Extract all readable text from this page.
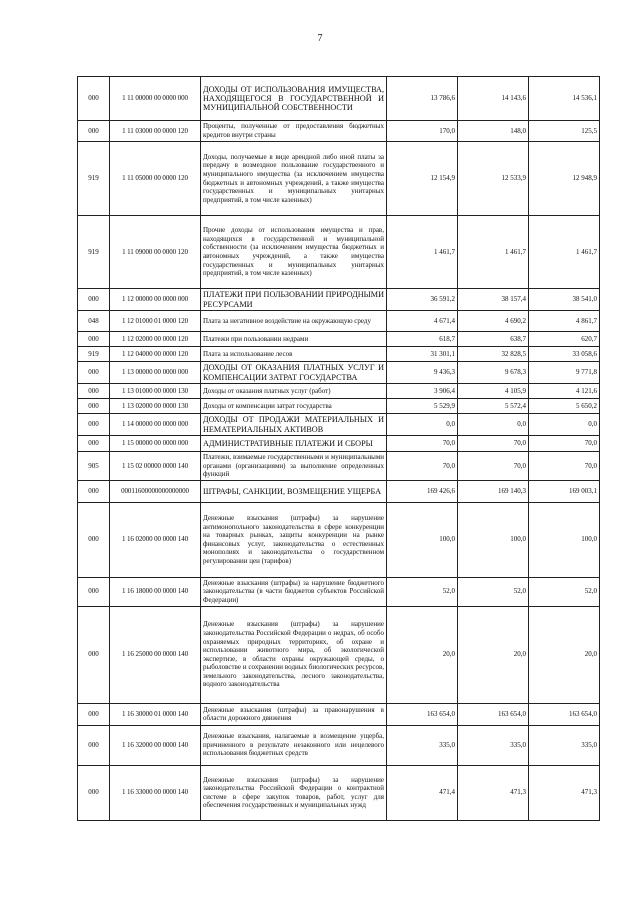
7
000	1 11 00000 00 0000 000	ДОХОДЫ ОТ ИСПОЛЬЗОВАНИЯ ИМУЩЕСТВА, НАХОДЯЩЕГОСЯ В ГОСУДАРСТВЕННОЙ И МУНИЦИПАЛЬНОЙ СОБСТВЕННОСТИ	13 786,6	14 143,6	14 536,1
000	1 11 03000 00 0000 120	Проценты, полученные от предоставления бюджетных кредитов внутри страны	170,0	148,0	125,5
919	1 11 05000 00 0000 120	Доходы, получаемые в виде арендной либо иной платы за передачу в возмездное пользование государственного и муниципального имущества (за исключением имущества бюджетных и автономных учреждений, а также имущества государственных и муниципальных унитарных предприятий, в том числе казенных)	12 154,9	12 533,9	12 948,9
919	1 11 09000 00 0000 120	Прочие доходы от использования имущества и прав, находящихся в государственной и муниципальной собственности (за исключением имущества бюджетных и автономных учреждений, а также имущества государственных и муниципальных унитарных предприятий, в том числе казенных)	1 461,7	1 461,7	1 461,7
000	1 12 00000 00 0000 000	ПЛАТЕЖИ ПРИ ПОЛЬЗОВАНИИ ПРИРОДНЫМИ РЕСУРСАМИ	36 591,2	38 157,4	38 541,0
048	1 12 01000 01 0000 120	Плата за негативное воздействие на окружающую среду	4 671,4	4 690,2	4 861,7
000	1 12 02000 00 0000 120	Платежи при пользовании недрами	618,7	638,7	620,7
919	1 12 04000 00 0000 120	Плата за использование лесов	31 301,1	32 828,5	33 058,6
000	1 13 00000 00 0000 000	ДОХОДЫ ОТ ОКАЗАНИЯ ПЛАТНЫХ УСЛУГ И КОМПЕНСАЦИИ ЗАТРАТ ГОСУДАРСТВА	9 436,3	9 678,3	9 771,8
000	1 13 01000 00 0000 130	Доходы от оказания платных услуг (работ)	3 906,4	4 105,9	4 121,6
000	1 13 02000 00 0000 130	Доходы от компенсации затрат государства	5 529,9	5 572,4	5 650,2
000	1 14 00000 00 0000 000	ДОХОДЫ ОТ ПРОДАЖИ МАТЕРИАЛЬНЫХ И НЕМАТЕРИАЛЬНЫХ АКТИВОВ	0,0	0,0	0,0
000	1 15 00000 00 0000 000	АДМИНИСТРАТИВНЫЕ ПЛАТЕЖИ И СБОРЫ	70,0	70,0	70,0
905	1 15 02 00000 0000 140	Платежи, взимаемые государственными и муниципальными органами (организациями) за выполнение определенных функций	70,0	70,0	70,0
000	00011600000000000000	ШТРАФЫ, САНКЦИИ, ВОЗМЕЩЕНИЕ УЩЕРБА	169 426,6	169 140,3	169 003,1
000	1 16 02000 00 0000 140	Денежные взыскания (штрафы) за нарушение антимонопольного законодательства в сфере конкуренции на товарных рынках, защиты конкуренции на рынке финансовых услуг, законодательства о естественных монополиях и законодательства о государственном регулировании цен (тарифов)	100,0	100,0	100,0
000	1 16 18000 00 0000 140	Денежные взыскания (штрафы) за нарушение бюджетного законодательства (в части бюджетов субъектов Российской Федерации)	52,0	52,0	52,0
000	1 16 25000 00 0000 140	Денежные взыскания (штрафы) за нарушение законодательства Российской Федерации о недрах, об особо охраняемых природных территориях, об охране и использовании животного мира, об экологической экспертизе, в области охраны окружающей среды, о рыболовстве и сохранении водных биологических ресурсов, земельного законодательства, лесного законодательства, водного законодательства	20,0	20,0	20,0
000	1 16 30000 01 0000 140	Денежные взыскания (штрафы) за правонарушения в области дорожного движения	163 654,0	163 654,0	163 654,0
000	1 16 32000 00 0000 140	Денежные взыскания, налагаемые в возмещение ущерба, причиненного в результате незаконного или нецелевого использования бюджетных средств	335,0	335,0	335,0
000	1 16 33000 00 0000 140	Денежные взыскания (штрафы) за нарушение законодательства Российской Федерации о контрактной системе в сфере закупок товаров, работ, услуг для обеспечения государственных и муниципальных нужд	471,4	471,3	471,3
